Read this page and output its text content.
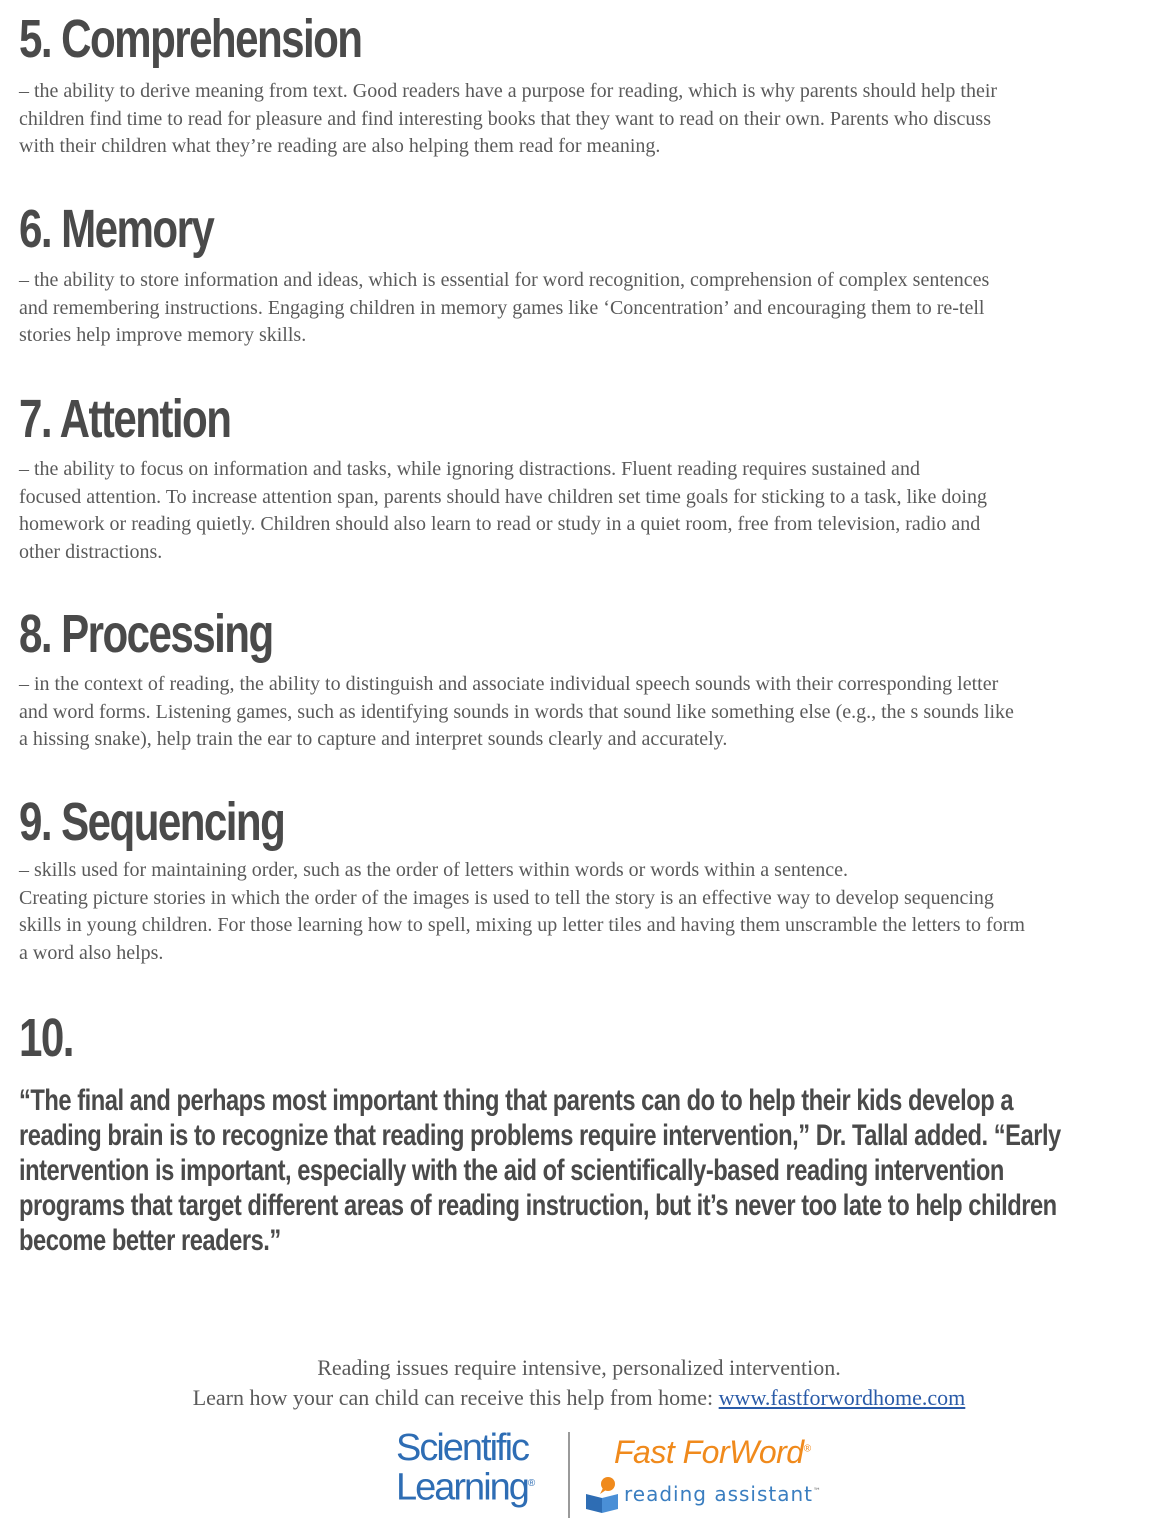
5. Comprehension

– the ability to derive meaning from text. Good readers have a purpose for reading, which is why parents should help their

children find time to read for pleasure and find interesting books that they want to read on their own. Parents who discuss

with their children what they’re reading are also helping them read for meaning.

6. Memory

– the ability to store information and ideas, which is essential for word recognition, comprehension of complex sentences

and remembering instructions. Engaging children in memory games like ‘Concentration’ and encouraging them to re-tell

stories help improve memory skills.

7. Attention

– the ability to focus on information and tasks, while ignoring distractions. Fluent reading requires sustained and

focused attention. To increase attention span, parents should have children set time goals for sticking to a task, like doing

homework or reading quietly. Children should also learn to read or study in a quiet room, free from television, radio and

other distractions.

8. Processing

– in the context of reading, the ability to distinguish and associate individual speech sounds with their corresponding letter

and word forms. Listening games, such as identifying sounds in words that sound like something else (e.g., the s sounds like

a hissing snake), help train the ear to capture and interpret sounds clearly and accurately.

9. Sequencing

– skills used for maintaining order, such as the order of letters within words or words within a sentence.

Creating picture stories in which the order of the images is used to tell the story is an effective way to develop sequencing

skills in young children. For those learning how to spell, mixing up letter tiles and having them unscramble the letters to form

a word also helps.

10.
“The final and perhaps most important thing that parents can do to help their kids develop a
reading brain is to recognize that reading problems require intervention,” Dr. Tallal added. “Early
intervention is important, especially with the aid of scientifically-based reading intervention
programs that target different areas of reading instruction, but it’s never too late to help children
become better readers.”
Reading issues require intensive, personalized intervention.
Learn how your can child can receive this help from home: www.fastforwordhome.com
Scientific
Learning®
Fast ForWord®
reading assistant™
